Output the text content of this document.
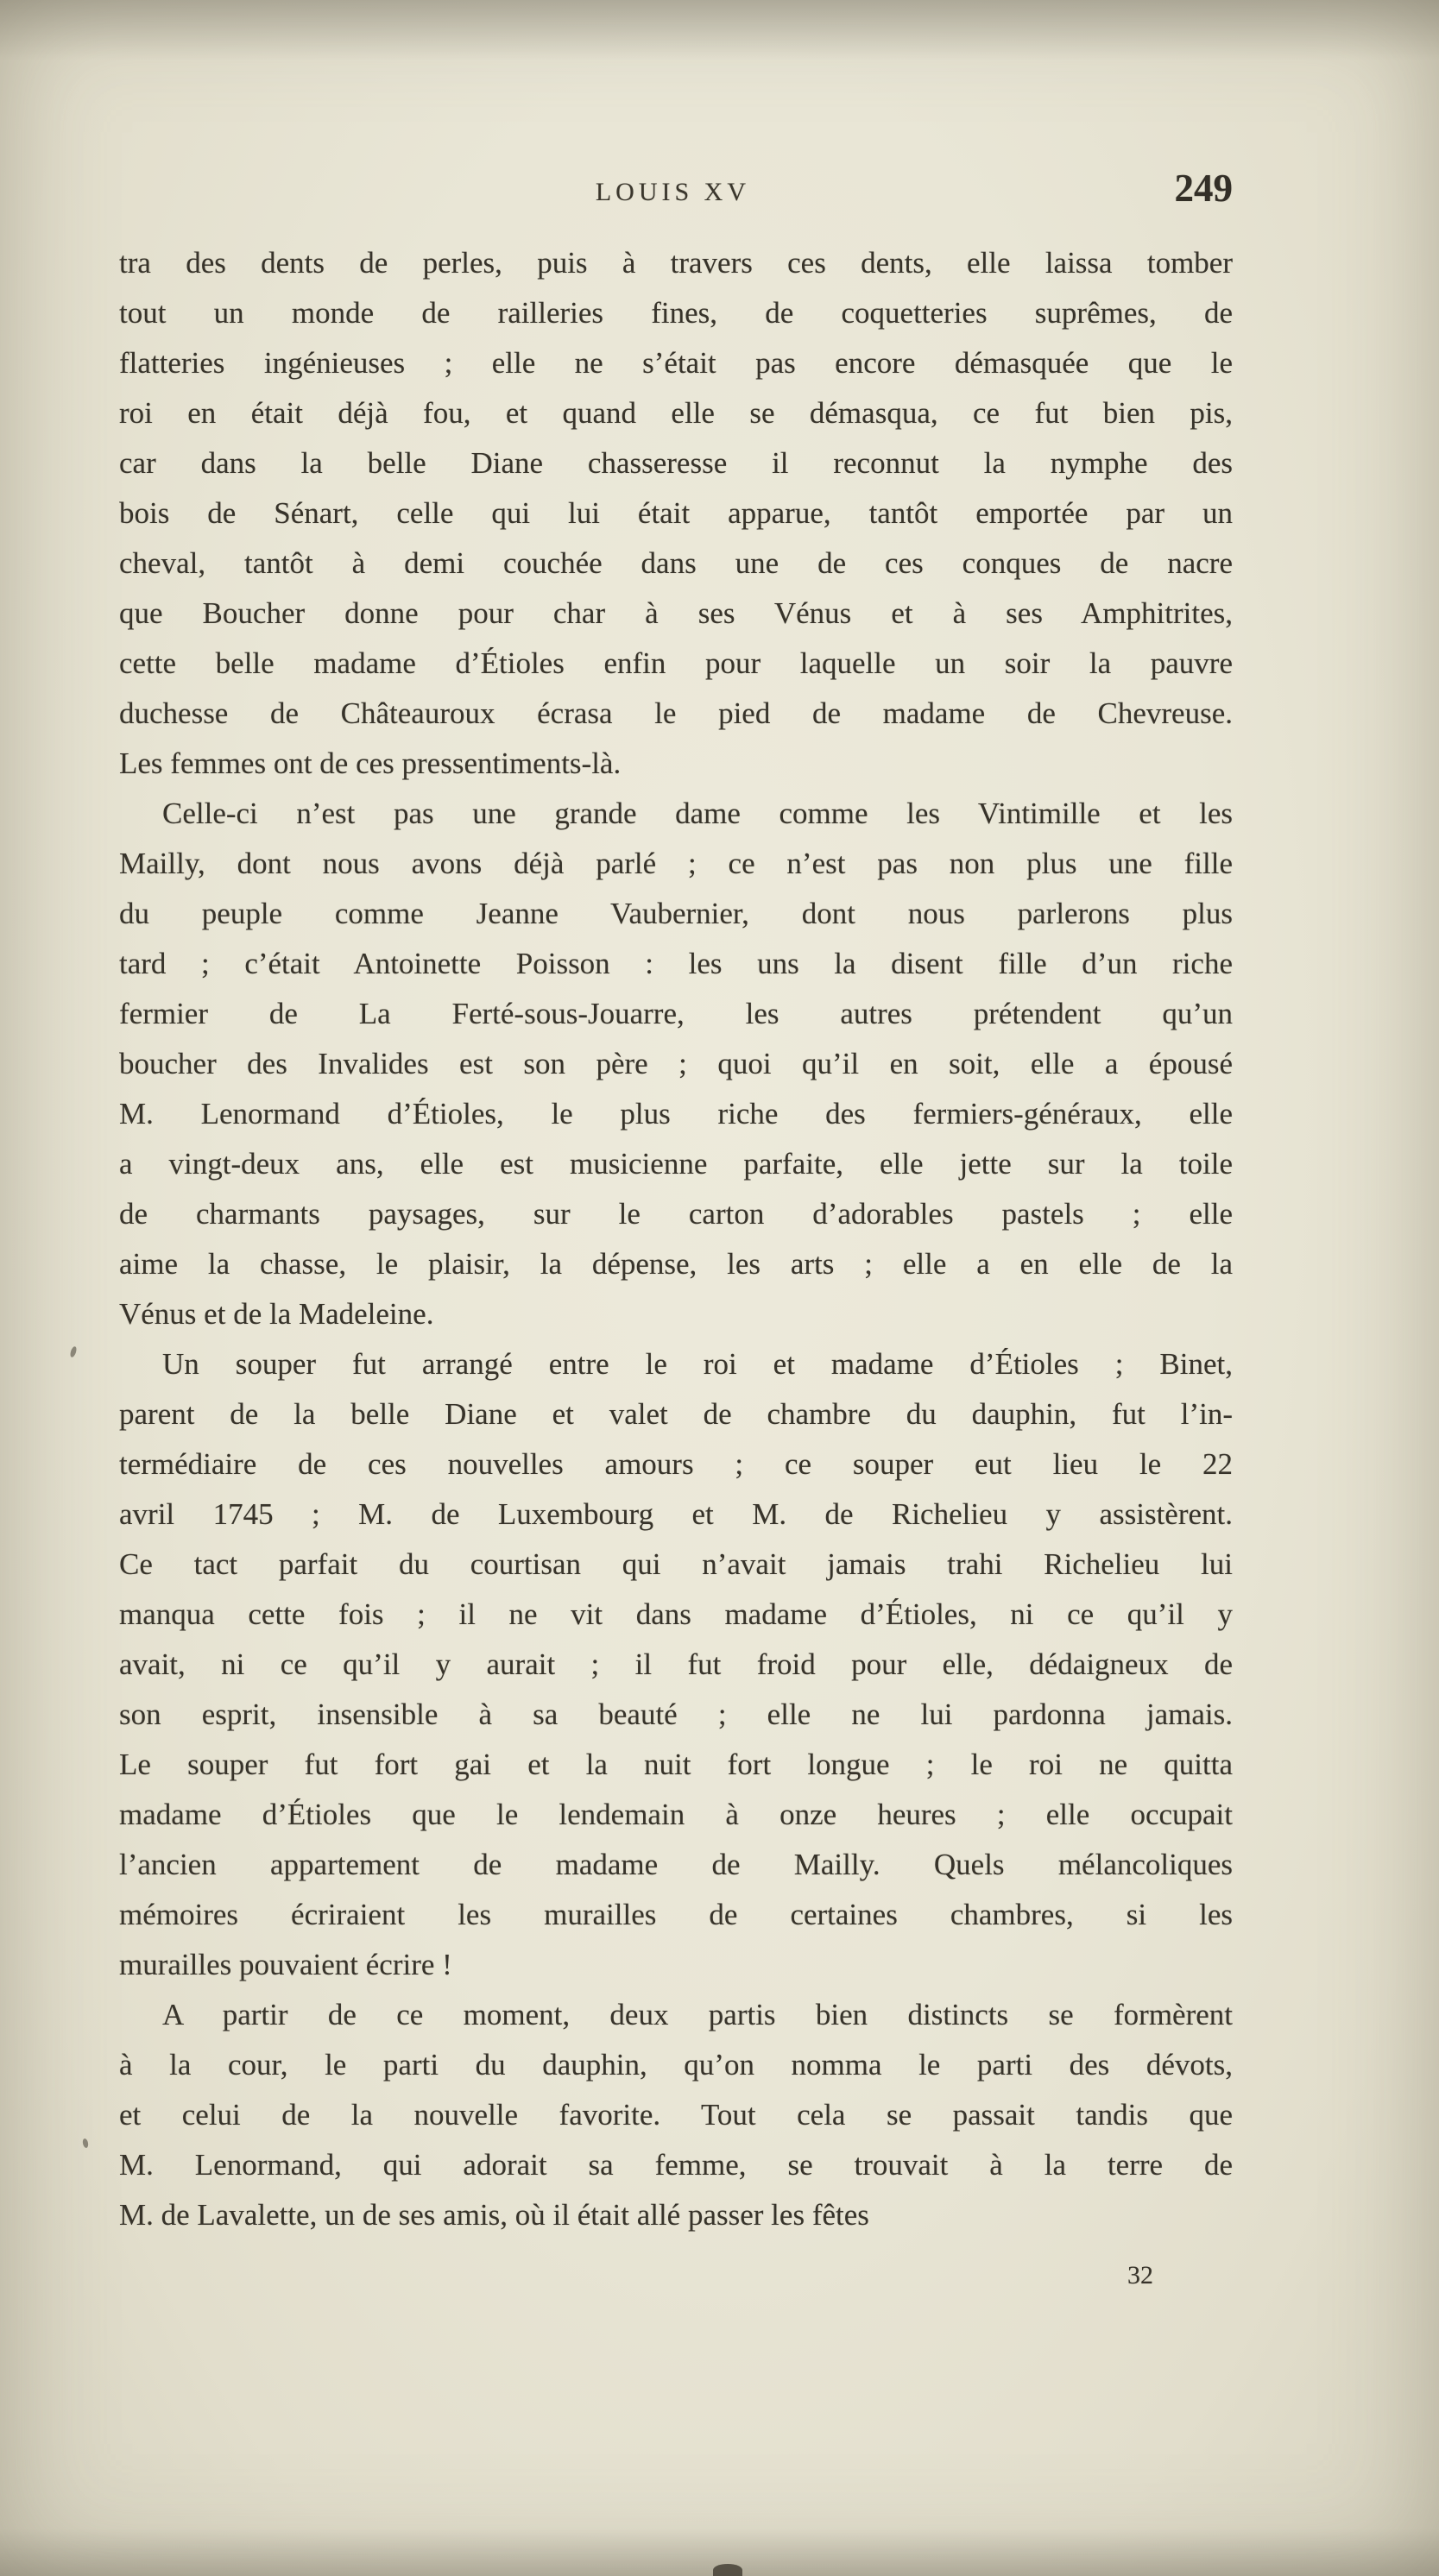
LOUIS XV	249
tra des dents de perles, puis à travers ces dents, elle laissa tomber
tout un monde de railleries fines, de coquetteries suprêmes, de
flatteries ingénieuses ; elle ne s’était pas encore démasquée que le
roi en était déjà fou, et quand elle se démasqua, ce fut bien pis,
car dans la belle Diane chasseresse il reconnut la nymphe des
bois de Sénart, celle qui lui était apparue, tantôt emportée par un
cheval, tantôt à demi couchée dans une de ces conques de nacre
que Boucher donne pour char à ses Vénus et à ses Amphitrites,
cette belle madame d’Étioles enfin pour laquelle un soir la pauvre
duchesse de Châteauroux écrasa le pied de madame de Chevreuse.
Les femmes ont de ces pressentiments-là.
Celle-ci n’est pas une grande dame comme les Vintimille et les
Mailly, dont nous avons déjà parlé ; ce n’est pas non plus une fille
du peuple comme Jeanne Vaubernier, dont nous parlerons plus
tard ; c’était Antoinette Poisson : les uns la disent fille d’un riche
fermier de La Ferté-sous-Jouarre, les autres prétendent qu’un
boucher des Invalides est son père ; quoi qu’il en soit, elle a épousé
M. Lenormand d’Étioles, le plus riche des fermiers-généraux, elle
a vingt-deux ans, elle est musicienne parfaite, elle jette sur la toile
de charmants paysages, sur le carton d’adorables pastels ; elle
aime la chasse, le plaisir, la dépense, les arts ; elle a en elle de la
Vénus et de la Madeleine.
Un souper fut arrangé entre le roi et madame d’Étioles ; Binet,
parent de la belle Diane et valet de chambre du dauphin, fut l’in-
termédiaire de ces nouvelles amours ; ce souper eut lieu le 22
avril 1745 ; M. de Luxembourg et M. de Richelieu y assistèrent.
Ce tact parfait du courtisan qui n’avait jamais trahi Richelieu lui
manqua cette fois ; il ne vit dans madame d’Étioles, ni ce qu’il y
avait, ni ce qu’il y aurait ; il fut froid pour elle, dédaigneux de
son esprit, insensible à sa beauté ; elle ne lui pardonna jamais.
Le souper fut fort gai et la nuit fort longue ; le roi ne quitta
madame d’Étioles que le lendemain à onze heures ; elle occupait
l’ancien appartement de madame de Mailly. Quels mélancoliques
mémoires écriraient les murailles de certaines chambres, si les
murailles pouvaient écrire !
A partir de ce moment, deux partis bien distincts se formèrent
à la cour, le parti du dauphin, qu’on nomma le parti des dévots,
et celui de la nouvelle favorite. Tout cela se passait tandis que
M. Lenormand, qui adorait sa femme, se trouvait à la terre de
M. de Lavalette, un de ses amis, où il était allé passer les fêtes
32
